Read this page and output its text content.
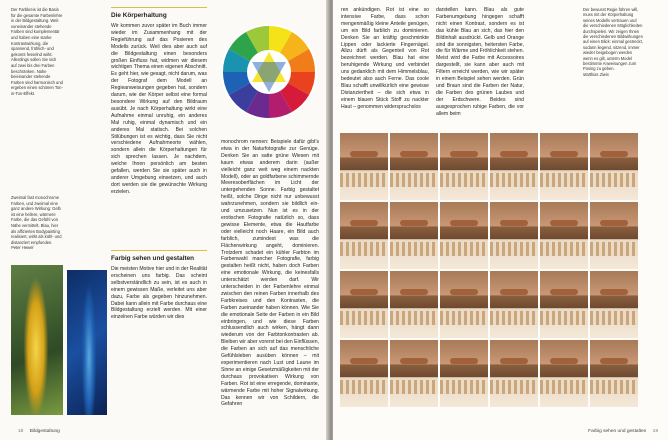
Der Farbkreis ist die Basis für die gesamte Farbenlehre in der Bildgestaltung. Weit voneinander stehende Farben sind komplementär und haben eine starke Kontrastwirkung, die spannend, frühlich- und gekonnt fesselnd wirkt. Allerdings sollen Sie sich auf zwei bis drei Farben beschränken. Nahe beieinander stehende Farben sind harmonisch und ergeben einen schönen Ton-in-Ton-Effekt.
Zweimal fast monochrome Farben, und zweimal eine ganz andere Wirkung: Gelb ist eine hellere, wärmere Farbe, die das Gefühl von Nähe vermittelt. Blau, hier als affizierten Bodypainting realisiert, wirkt als kühl- und distanziert empfunden.
Peter Hewel
Die Körperhaltung

Wir kommen zuvor später im Buch immer wieder im Zusammenhang mit der Regieführung auf das Posieren des Modells zurück. Weil dies aber auch auf die Bildgestaltung einen besonders großen Einfluss hat, widmen wir diesem wichtigen Thema einen eigenen Abschnitt. Es geht hier, wie gesagt, nicht darum, was der Fotograf dem Modell an Regieanweisungen gegeben hat, sondern darum, wie der Körper selbst eine formal besondere Wirkung auf den Bildraum ausübt. Je nach Körperhaltung wirkt eine Aufnahme einmal unruhig, ein anderes Mal ruhig, einmal dynamisch und ein anderes Mal statisch. Bei solchen Stilübungen ist es wichtig, dass Sie nicht verschiedene Aufnahmeorte wählen, sondern allein die Körperhaltungen für sich sprechen lassen. Je nachdem, welche Ihnen persönlich am besten gefallen, werden Sie sie später auch in anderer Umgebung einsetzen, und auch dort werden sie die gewünschte Wirkung erzielen.

Farbig sehen und gestalten

Die meisten Motive hier und in der Realität erscheinen uns farbig. Das scheint selbstverständlich zu sein, ist es auch in einem gewissen Maße, verleitet uns aber dazu, Farbe als gegeben hinzunehmen. Dabei kann allein mit Farbe durchaus eine Bildgestaltung erzielt werden. Mit einer einzelnen Farbe würden wir dies

monochrom nennen: Beispiele dafür gibt's etwa in der Naturfotografie zur Genüge. Denken Sie an satte grüne Wiesen mit kaum etwas anderem darin (außer vielleicht ganz weit weg einem nackten Modell), oder an goldfarbene schimmernde Meeresoberflächen im Licht der untergehenden Sonne. Farbig gestaltet heißt, solche Dinge nicht nur unbewusst wahrzunehmen, sondern sie bildlich ein- und umzusetzen. Nun ist es in der erotischen Fotografie natürlich so, dass gewisse Elemente, etwa die Hautfarbe oder vielleicht noch Haare, ein Bild auch farblich, zumindest was die Flächenwirkung angeht, dominieren. Trotzdem schadet ein kühler Farbton im Farbenwahl mancher Fotografie, farbig gestalten heißt nicht, haben doch Farben eine emotionale Wirkung, die keinesfalls unterschätzt werden darf. Wir unterscheiden in der Farbenlehre einmal zwischen den reinen Farben innerhalb des Farbkreises und den Kontrasten, die Farben zueinander haben können. Wie Sie die emotionale Seite der Farben in ein Bild einbringen, und wie diese Farben schlussendlich auch wirken, hängt dann wiederum von der Farbtonkontrasten ab. Bleiben wir aber vorerst bei den Einflüssen, die Farben an sich auf das menschliche Gefühlsleben ausüben können – mit experimentieren nach Lust und Laune im Sinne an einige Gesetzmäßigkeiten mit der durchaus provokativen Wirkung von Farben. Rot ist eine erregende, dominante, wärmende Farbe mit hoher Signalwirkung. Das kennen wir von Schildern, die Gefahren

18 Bildgestaltung

ren ankündigen. Rot ist eine so intensive Farbe, dass schon mengenmäßig kleine Anteile genügen, um ein Bild farblich zu dominieren. Denken Sie an kräftig geschminkte Lippen oder lackierte Fingernägel. Allzu dürft als Gegenteil von Rot bezeichnet werden. Blau hat eine beruhigende Wirkung und verbindet uns gedanklich mit dem Himmelsblau, bedeutet also auch Ferne. Das coole Blau schafft unwillkürlich eine gewisse Distanziertheit – die sich etwa in einem blauen Stück Stoff zu nackter Haut – genommen widerspruchslos

darstellen kann. Blau als gute Farbenumgebung hingegen schafft nicht einen Kontrast, sondern es ist das kühle Blau an sich, das hier den Bildinhalt ausdrückt. Gelb und Orange sind die sonnigsten, heitersten Farbe, die für Wärme und Fröhlichkeit stehen. Meist wird die Farbe mit Accessoires dargestellt, sie kann aber auch mit Filtern erreicht werden, wie wir später in einem Beispiel sehen werden. Grün und Braun sind die Farben der Natur, die Farben des grünen Laubes und der Erdschwere. Beides sind ausgesprochen ruhige Farben, die vor allem beim

Der bewusst Regie führen will, muss mit der Körperhaltung seines Modells vertrauen und die verschiedenen Möglichkeiten durchspielen. Wir zeigen Ihnen die verschiedenen Bildwirkungen auf einen Blick: einmal gestreckt, sodann liegend, sitzend, immer wieder beigebogen werden wenn es gilt, unterm Model bestimmte Anweisungen zum Posing zu geben.
Matthias Ziwis
Farbig sehen und gestalten 19
